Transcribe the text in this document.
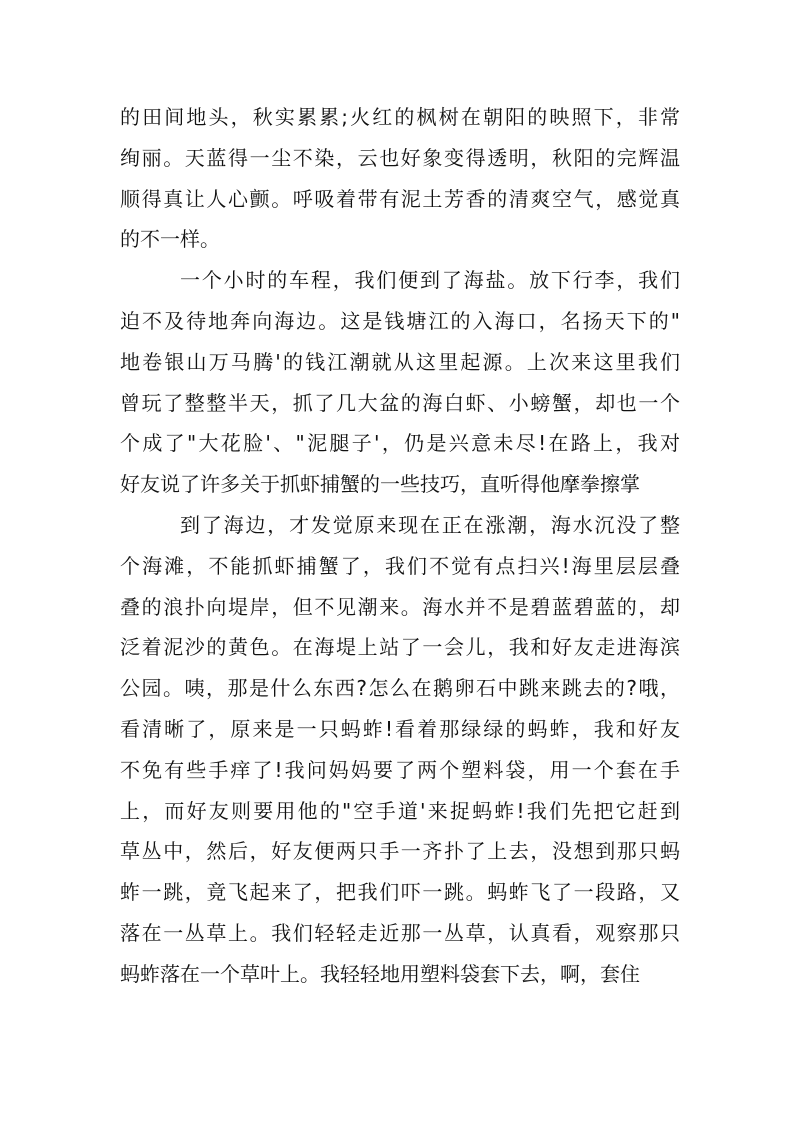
的田间地头，秋实累累;火红的枫树在朝阳的映照下，非常
绚丽。天蓝得一尘不染，云也好象变得透明，秋阳的完辉温
顺得真让人心颤。呼吸着带有泥土芳香的清爽空气，感觉真
的不一样。
一个小时的车程，我们便到了海盐。放下行李，我们
迫不及待地奔向海边。这是钱塘江的入海口，名扬天下的"
地卷银山万马腾'的钱江潮就从这里起源。上次来这里我们
曾玩了整整半天，抓了几大盆的海白虾、小螃蟹，却也一个
个成了"大花脸'、"泥腿子'，仍是兴意未尽!在路上，我对
好友说了许多关于抓虾捕蟹的一些技巧，直听得他摩拳擦掌
到了海边，才发觉原来现在正在涨潮，海水沉没了整
个海滩，不能抓虾捕蟹了，我们不觉有点扫兴!海里层层叠
叠的浪扑向堤岸，但不见潮来。海水并不是碧蓝碧蓝的，却
泛着泥沙的黄色。在海堤上站了一会儿，我和好友走进海滨
公园。咦，那是什么东西?怎么在鹅卵石中跳来跳去的?哦，
看清晰了，原来是一只蚂蚱!看着那绿绿的蚂蚱，我和好友
不免有些手痒了!我问妈妈要了两个塑料袋，用一个套在手
上，而好友则要用他的"空手道'来捉蚂蚱!我们先把它赶到
草丛中，然后，好友便两只手一齐扑了上去，没想到那只蚂
蚱一跳，竟飞起来了，把我们吓一跳。蚂蚱飞了一段路，又
落在一丛草上。我们轻轻走近那一丛草，认真看，观察那只
蚂蚱落在一个草叶上。我轻轻地用塑料袋套下去，啊，套住
